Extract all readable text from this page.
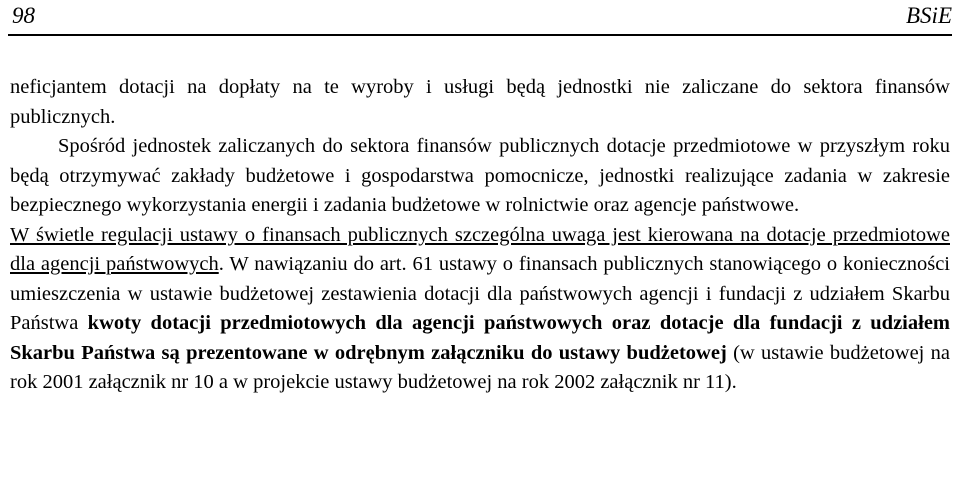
98	BSiE

neficjantem dotacji na dopłaty na te wyroby i usługi będą jednostki nie zaliczane do sektora finansów publicznych.

Spośród jednostek zaliczanych do sektora finansów publicznych dotacje przedmiotowe w przyszłym roku będą otrzymywać zakłady budżetowe i gospodarstwa pomocnicze, jednostki realizujące zadania w zakresie bezpiecznego wykorzystania energii i zadania budżetowe w rolnictwie oraz agencje państwowe.

W świetle regulacji ustawy o finansach publicznych szczególna uwaga jest kierowana na dotacje przedmiotowe dla agencji państwowych. W nawiązaniu do art. 61 ustawy o finansach publicznych stanowiącego o konieczności umieszczenia w ustawie budżetowej zestawienia dotacji dla państwowych agencji i fundacji z udziałem Skarbu Państwa kwoty dotacji przedmiotowych dla agencji państwowych oraz dotacje dla fundacji z udziałem Skarbu Państwa są prezentowane w odrębnym załączniku do ustawy budżetowej (w ustawie budżetowej na rok 2001 załącznik nr 10 a w projekcie ustawy budżetowej na rok 2002 załącznik nr 11).
